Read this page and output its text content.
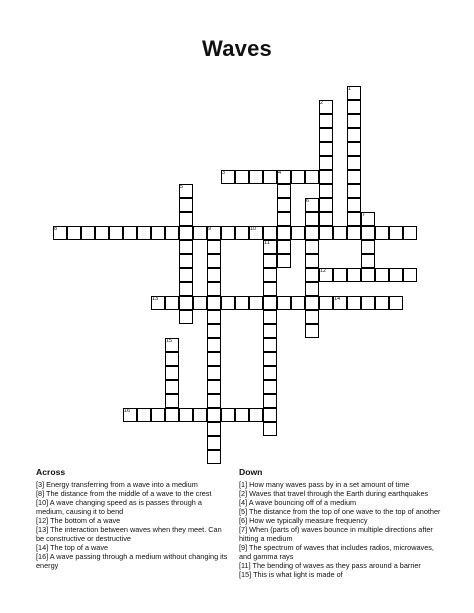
Waves
1
2
3	4
5
6
7
8	9	10
11
12
13	14
15
16
Across
[3] Energy transferring from a wave into a medium
[8] The distance from the middle of a wave to the crest
[10] A wave changing speed as is passes through a medium, causing it to bend
[12] The bottom of a wave
[13] The interaction between waves when they meet. Can be constructive or destructive
[14] The top of a wave
[16] A wave passing through a medium without changing its energy
Down
[1] How many waves pass by in a set amount of time
[2] Waves that travel through the Earth during earthquakes
[4] A wave bouncing off of a medium
[5] The distance from the top of one wave to the top of another
[6] How we typically measure frequency
[7] When (parts of) waves bounce in multiple directions after hitting a medium
[9] The spectrum of waves that includes radios, microwaves, and gamma rays
[11] The bending of waves as they pass around a barrier
[15] This is what light is made of
